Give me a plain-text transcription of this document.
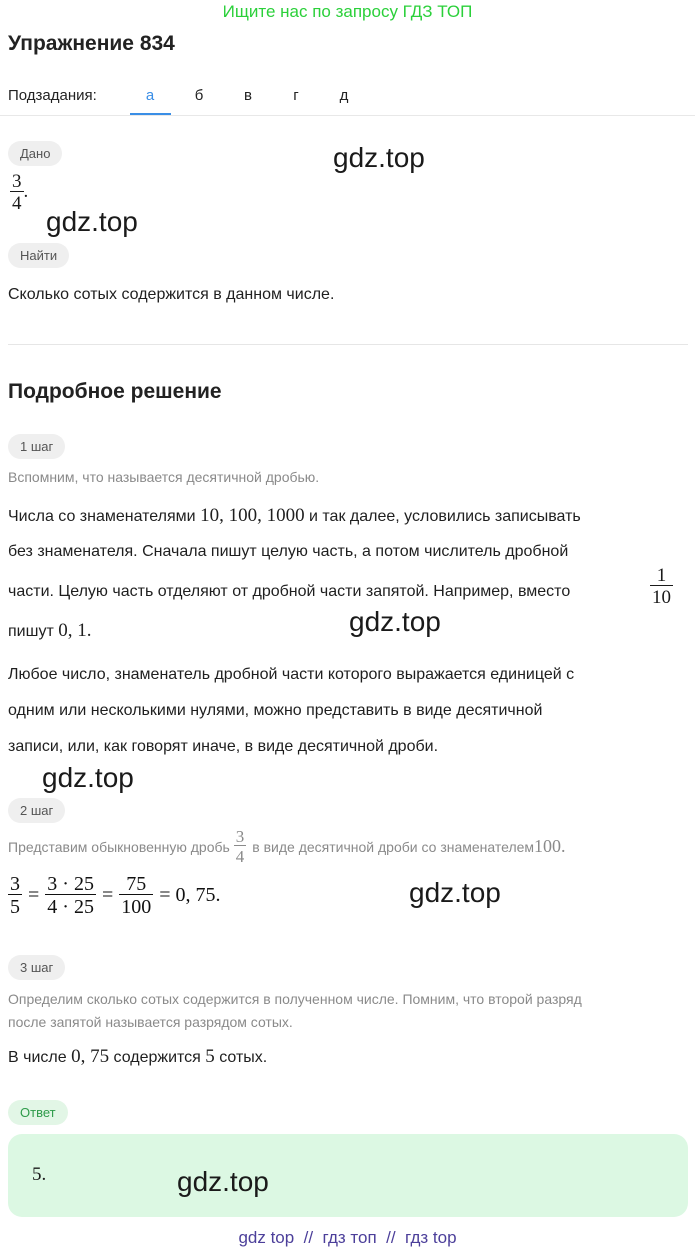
Ищите нас по запросу ГДЗ ТОП
Упражнение 834
Подзадания:	а	б	в	г	д
Дано	gdz.top
$\frac{3}{4}$ .
gdz.top
Найти
Сколько сотых содержится в данном числе.
Подробное решение
1 шаг
Вспомним, что называется десятичной дробью.
Числа со знаменателями 10, 100, 1000 и так далее, условились записывать
без знаменателя. Сначала пишут целую часть, а потом числитель дробной
части. Целую часть отделяют от дробной части запятой. Например, вместо	$\frac{1}{10}$
пишут 0, 1.	gdz.top
Любое число, знаменатель дробной части которого выражается единицей с
одним или несколькими нулями, можно представить в виде десятичной
записи, или, как говорят иначе, в виде десятичной дроби.
gdz.top
2 шаг
Представим обыкновенную дробь $\frac{3}{4}$ в виде десятичной дроби со знаменателем 100.
$\frac{3}{5} = \frac{3 \cdot 25}{4 \cdot 25} = \frac{75}{100} = 0$, 75.	gdz.top
3 шаг
Определим сколько сотых содержится в полученном числе. Помним, что второй разряд
после запятой называется разрядом сотых.
В числе 0, 75 содержится 5 сотых.
Ответ
5.	gdz.top
gdz top  //  гдз топ  //  гдз top
